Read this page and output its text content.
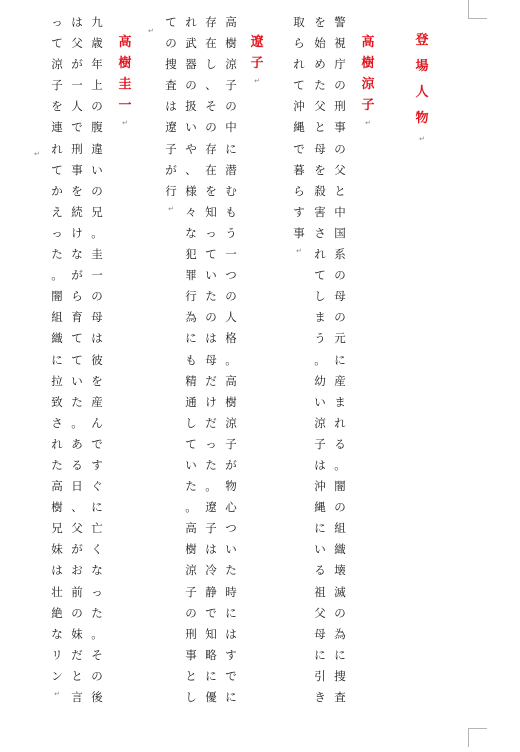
登
場
人
物
↵
高
樹
涼
子
↵
警
視
庁
の
刑
事
の
父
と
中
国
系
の
母
の
元
に
産
ま
れ
る
。
闇
の
組
織
壊
滅
の
為
に
捜
査
を
始
め
た
父
と
母
を
殺
害
さ
れ
て
し
ま
う
。
幼
い
涼
子
は
沖
縄
に
い
る
祖
父
母
に
引
き
取
ら
れ
て
沖
縄
で
暮
ら
す
事
↵
遼
子
↵
高
樹
涼
子
の
中
に
潜
む
も
う
一
つ
の
人
格
。
高
樹
涼
子
が
物
心
つ
い
た
時
に
は
す
で
に
存
在
し
、
そ
の
存
在
を
知
っ
て
い
た
の
は
母
だ
け
だ
っ
た
。
遼
子
は
冷
静
で
知
略
に
優
れ
武
器
の
扱
い
や
、
様
々
な
犯
罪
行
為
に
も
精
通
し
て
い
た
。
高
樹
涼
子
の
刑
事
と
し
て
の
捜
査
は
遼
子
が
行
↵
高
樹
圭
一
↵
九
歳
年
上
の
腹
違
い
の
兄
。
圭
一
の
母
は
彼
を
産
ん
で
す
ぐ
に
亡
く
な
っ
た
。
そ
の
後
は
父
が
一
人
で
刑
事
を
続
け
な
が
ら
育
て
て
い
た
。
あ
る
日
、
父
が
お
前
の
妹
だ
と
言
っ
て
涼
子
を
連
れ
て
か
え
っ
た
。
闇
組
織
に
拉
致
さ
れ
た
高
樹
兄
妹
は
壮
絶
な
リ
ン
↵
↵
↵
